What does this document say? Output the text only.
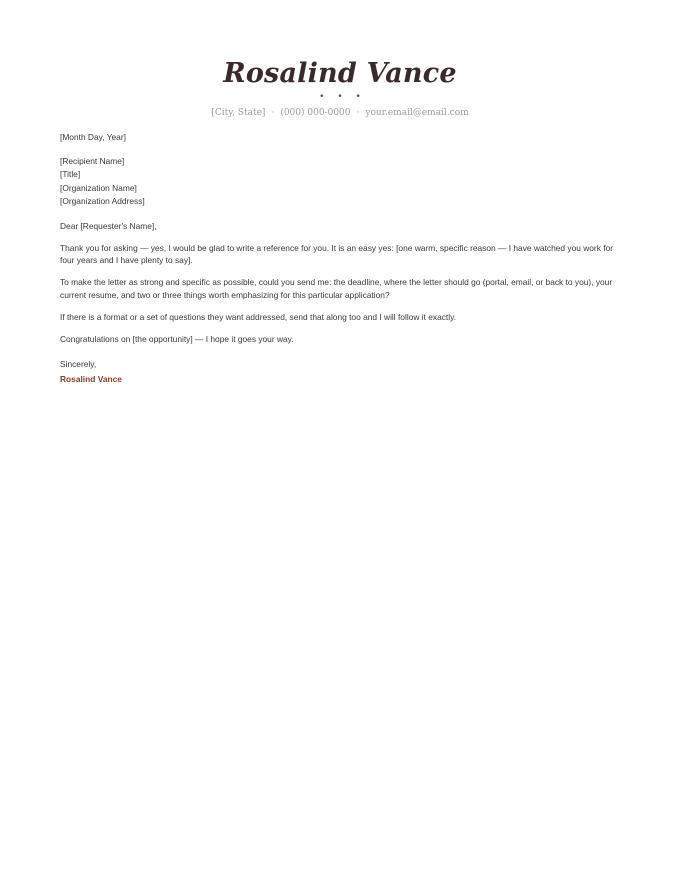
Rosalind Vance
• • •
[City, State] · (000) 000-0000 · your.email@email.com

[Month Day, Year]

[Recipient Name]
[Title]
[Organization Name]
[Organization Address]

Dear [Requester's Name],

Thank you for asking — yes, I would be glad to write a reference for you. It is an easy yes: [one warm, specific reason — I have watched you work for four years and I have plenty to say].

To make the letter as strong and specific as possible, could you send me: the deadline, where the letter should go (portal, email, or back to you), your current resume, and two or three things worth emphasizing for this particular application?

If there is a format or a set of questions they want addressed, send that along too and I will follow it exactly.

Congratulations on [the opportunity] — I hope it goes your way.

Sincerely,

Rosalind Vance
